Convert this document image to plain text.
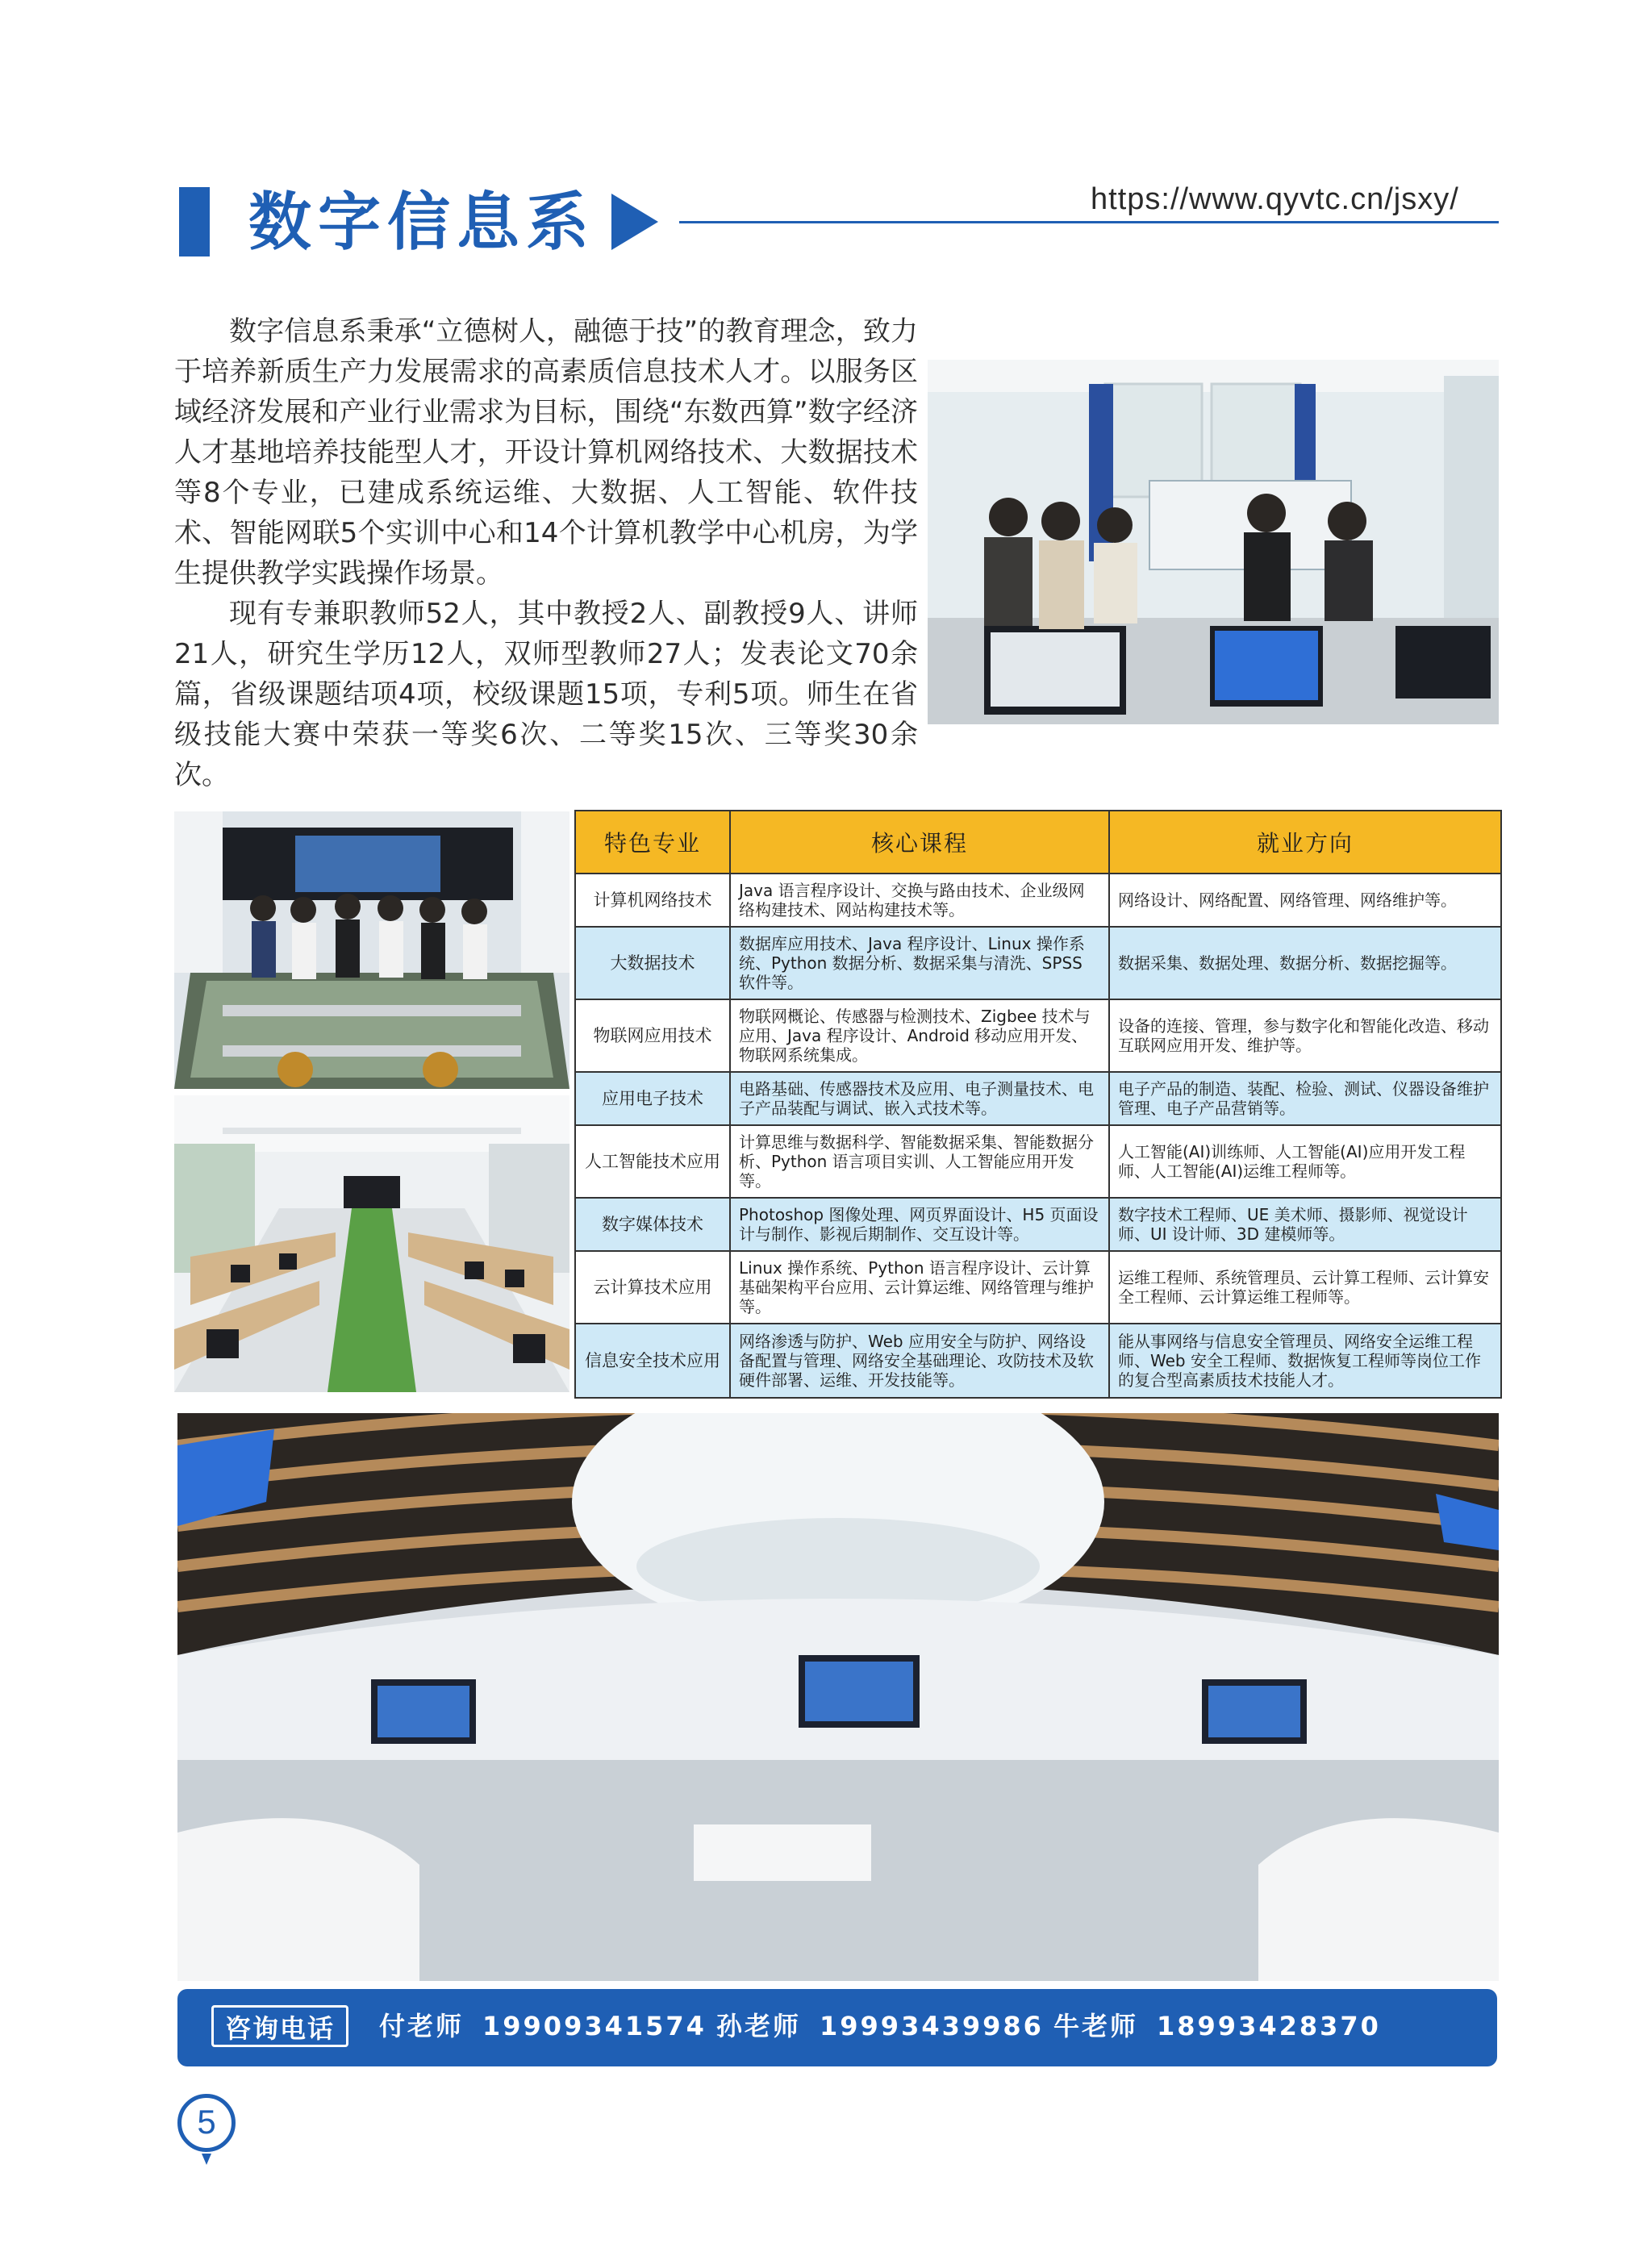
数字信息系	https://www.qyvtc.cn/jsxy/

数字信息系秉承“立德树人，融德于技”的教育理念，致力于培养新质生产力发展需求的高素质信息技术人才。以服务区域经济发展和产业行业需求为目标，围绕“东数西算”数字经济人才基地培养技能型人才，开设计算机网络技术、大数据技术等8个专业，已建成系统运维、大数据、人工智能、软件技术、智能网联5个实训中心和14个计算机教学中心机房，为学生提供教学实践操作场景。

现有专兼职教师52人，其中教授2人、副教授9人、讲师21人，研究生学历12人，双师型教师27人；发表论文70余篇，省级课题结项4项，校级课题15项，专利5项。师生在省级技能大赛中荣获一等奖6次、二等奖15次、三等奖30余次。

特色专业	核心课程	就业方向
计算机网络技术	Java 语言程序设计、交换与路由技术、企业级网络构建技术、网站构建技术等。	网络设计、网络配置、网络管理、网络维护等。
大数据技术	数据库应用技术、Java 程序设计、Linux 操作系统、Python 数据分析、数据采集与清洗、SPSS 软件等。	数据采集、数据处理、数据分析、数据挖掘等。
物联网应用技术	物联网概论、传感器与检测技术、Zigbee 技术与应用、Java 程序设计、Android 移动应用开发、物联网系统集成。	设备的连接、管理，参与数字化和智能化改造、移动互联网应用开发、维护等。
应用电子技术	电路基础、传感器技术及应用、电子测量技术、电子产品装配与调试、嵌入式技术等。	电子产品的制造、装配、检验、测试、仪器设备维护管理、电子产品营销等。
人工智能技术应用	计算思维与数据科学、智能数据采集、智能数据分析、Python 语言项目实训、人工智能应用开发等。	人工智能(AI)训练师、人工智能(AI)应用开发工程师、人工智能(AI)运维工程师等。
数字媒体技术	Photoshop 图像处理、网页界面设计、H5 页面设计与制作、影视后期制作、交互设计等。	数字技术工程师、UE 美术师、摄影师、视觉设计师、UI 设计师、3D 建模师等。
云计算技术应用	Linux 操作系统、Python 语言程序设计、云计算基础架构平台应用、云计算运维、网络管理与维护等。	运维工程师、系统管理员、云计算工程师、云计算安全工程师、云计算运维工程师等。
信息安全技术应用	网络渗透与防护、Web 应用安全与防护、网络设备配置与管理、网络安全基础理论、攻防技术及软硬件部署、运维、开发技能等。	能从事网络与信息安全管理员、网络安全运维工程师、Web 安全工程师、数据恢复工程师等岗位工作的复合型高素质技术技能人才。
咨询电话	付老师 19909341574 孙老师 19993439986 牛老师 18993428370
5
